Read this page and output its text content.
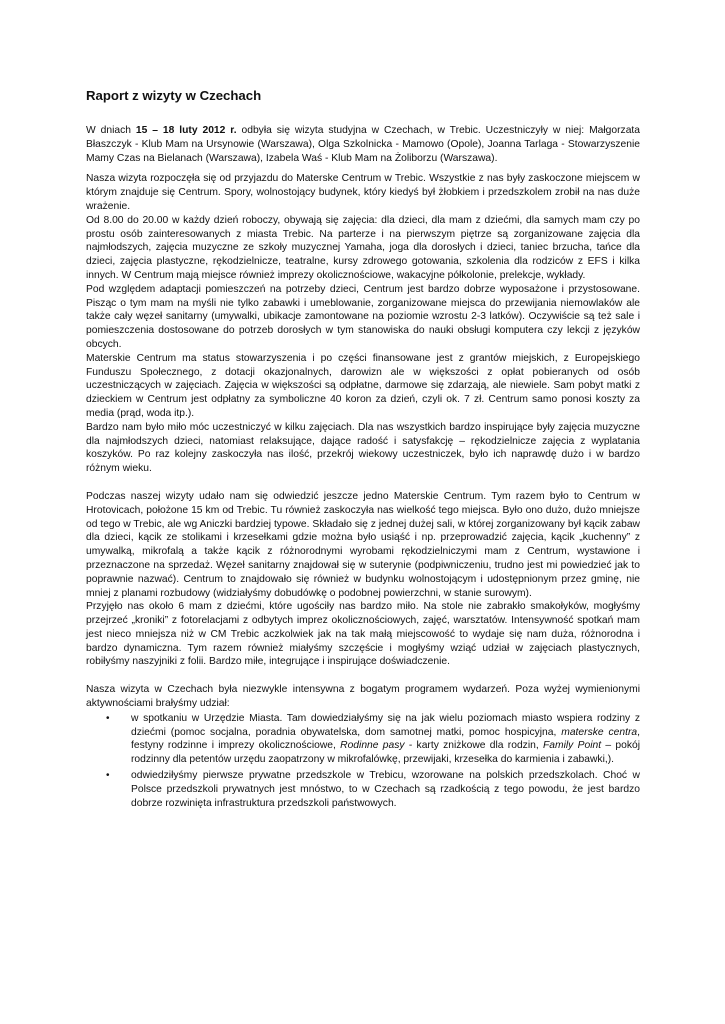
Raport z wizyty w Czechach

W dniach 15 – 18 luty 2012 r. odbyła się wizyta studyjna w Czechach, w Trebic. Uczestniczyły w niej: Małgorzata Błaszczyk - Klub Mam na Ursynowie (Warszawa), Olga Szkolnicka - Mamowo (Opole), Joanna Tarlaga - Stowarzyszenie Mamy Czas na Bielanach (Warszawa), Izabela Waś - Klub Mam na Żoliborzu (Warszawa).

Nasza wizyta rozpoczęła się od przyjazdu do Materske Centrum w Trebic. Wszystkie z nas były zaskoczone miejscem w którym znajduje się Centrum. Spory, wolnostojący budynek, który kiedyś był żłobkiem i przedszkolem zrobił na nas duże wrażenie.

Od 8.00 do 20.00 w każdy dzień roboczy, obywają się zajęcia: dla dzieci, dla mam z dziećmi, dla samych mam czy po prostu osób zainteresowanych z miasta Trebic. Na parterze i na pierwszym piętrze są zorganizowane zajęcia dla najmłodszych, zajęcia muzyczne ze szkoły muzycznej Yamaha, joga dla dorosłych i dzieci, taniec brzucha, tańce dla dzieci, zajęcia plastyczne, rękodzielnicze, teatralne, kursy zdrowego gotowania, szkolenia dla rodziców z EFS i kilka innych. W Centrum mają miejsce również imprezy okolicznościowe, wakacyjne półkolonie, prelekcje, wykłady.

Pod względem adaptacji pomieszczeń na potrzeby dzieci, Centrum jest bardzo dobrze wyposażone i przystosowane. Pisząc o tym mam na myśli nie tylko zabawki i umeblowanie, zorganizowane miejsca do przewijania niemowlaków ale także cały węzeł sanitarny (umywalki, ubikacje zamontowane na poziomie wzrostu 2-3 latków). Oczywiście są też sale i pomieszczenia dostosowane do potrzeb dorosłych w tym stanowiska do nauki obsługi komputera czy lekcji z języków obcych.

Materskie Centrum ma status stowarzyszenia i po części finansowane jest z grantów miejskich, z Europejskiego Funduszu Społecznego, z dotacji okazjonalnych, darowizn ale w większości z opłat pobieranych od osób uczestniczących w zajęciach. Zajęcia w większości są odpłatne, darmowe się zdarzają, ale niewiele. Sam pobyt matki z dzieckiem w Centrum jest odpłatny za symboliczne 40 koron za dzień, czyli ok. 7 zł. Centrum samo ponosi koszty za media (prąd, woda itp.).

Bardzo nam było miło móc uczestniczyć w kilku zajęciach. Dla nas wszystkich bardzo inspirujące były zajęcia muzyczne dla najmłodszych dzieci, natomiast relaksujące, dające radość i satysfakcję – rękodzielnicze zajęcia z wyplatania koszyków. Po raz kolejny zaskoczyła nas ilość, przekrój wiekowy uczestniczek, było ich naprawdę dużo i w bardzo różnym wieku.

Podczas naszej wizyty udało nam się odwiedzić jeszcze jedno Materskie Centrum. Tym razem było to Centrum w Hrotovicach, położone 15 km od Trebic. Tu również zaskoczyła nas wielkość tego miejsca. Było ono dużo, dużo mniejsze od tego w Trebic, ale wg Aniczki bardziej typowe. Składało się z jednej dużej sali, w której zorganizowany był kącik zabaw dla dzieci, kącik ze stolikami i krzesełkami gdzie można było usiąść i np. przeprowadzić zajęcia, kącik „kuchenny” z umywalką, mikrofalą a także kącik z różnorodnymi wyrobami rękodzielniczymi mam z Centrum, wystawione i przeznaczone na sprzedaż. Węzeł sanitarny znajdował się w suterynie (podpiwniczeniu, trudno jest mi powiedzieć jak to poprawnie nazwać). Centrum to znajdowało się również w budynku wolnostojącym i udostępnionym przez gminę, nie mniej z planami rozbudowy (widziałyśmy dobudówkę o podobnej powierzchni, w stanie surowym).

Przyjęło nas około 6 mam z dziećmi, które ugościły nas bardzo miło. Na stole nie zabrakło smakołyków, mogłyśmy przejrzeć „kroniki” z fotorelacjami z odbytych imprez okolicznościowych, zajęć, warsztatów. Intensywność spotkań mam jest nieco mniejsza niż w CM Trebic aczkolwiek jak na tak małą miejscowość to wydaje się nam duża, różnorodna i bardzo dynamiczna. Tym razem również miałyśmy szczęście i mogłyśmy wziąć udział w zajęciach plastycznych, robiłyśmy naszyjniki z folii. Bardzo miłe, integrujące i inspirujące doświadczenie.

Nasza wizyta w Czechach była niezwykle intensywna z bogatym programem wydarzeń. Poza wyżej wymienionymi aktywnościami brałyśmy udział:

• w spotkaniu w Urzędzie Miasta. Tam dowiedziałyśmy się na jak wielu poziomach miasto wspiera rodziny z dziećmi (pomoc socjalna, poradnia obywatelska, dom samotnej matki, pomoc hospicyjna, materske centra, festyny rodzinne i imprezy okolicznościowe, Rodinne pasy - karty zniżkowe dla rodzin, Family Point – pokój rodzinny dla petentów urzędu zaopatrzony w mikrofalówkę, przewijaki, krzesełka do karmienia i zabawki,).
• odwiedziłyśmy pierwsze prywatne przedszkole w Trebicu, wzorowane na polskich przedszkolach. Choć w Polsce przedszkoli prywatnych jest mnóstwo, to w Czechach są rzadkością z tego powodu, że jest bardzo dobrze rozwinięta infrastruktura przedszkoli państwowych.
